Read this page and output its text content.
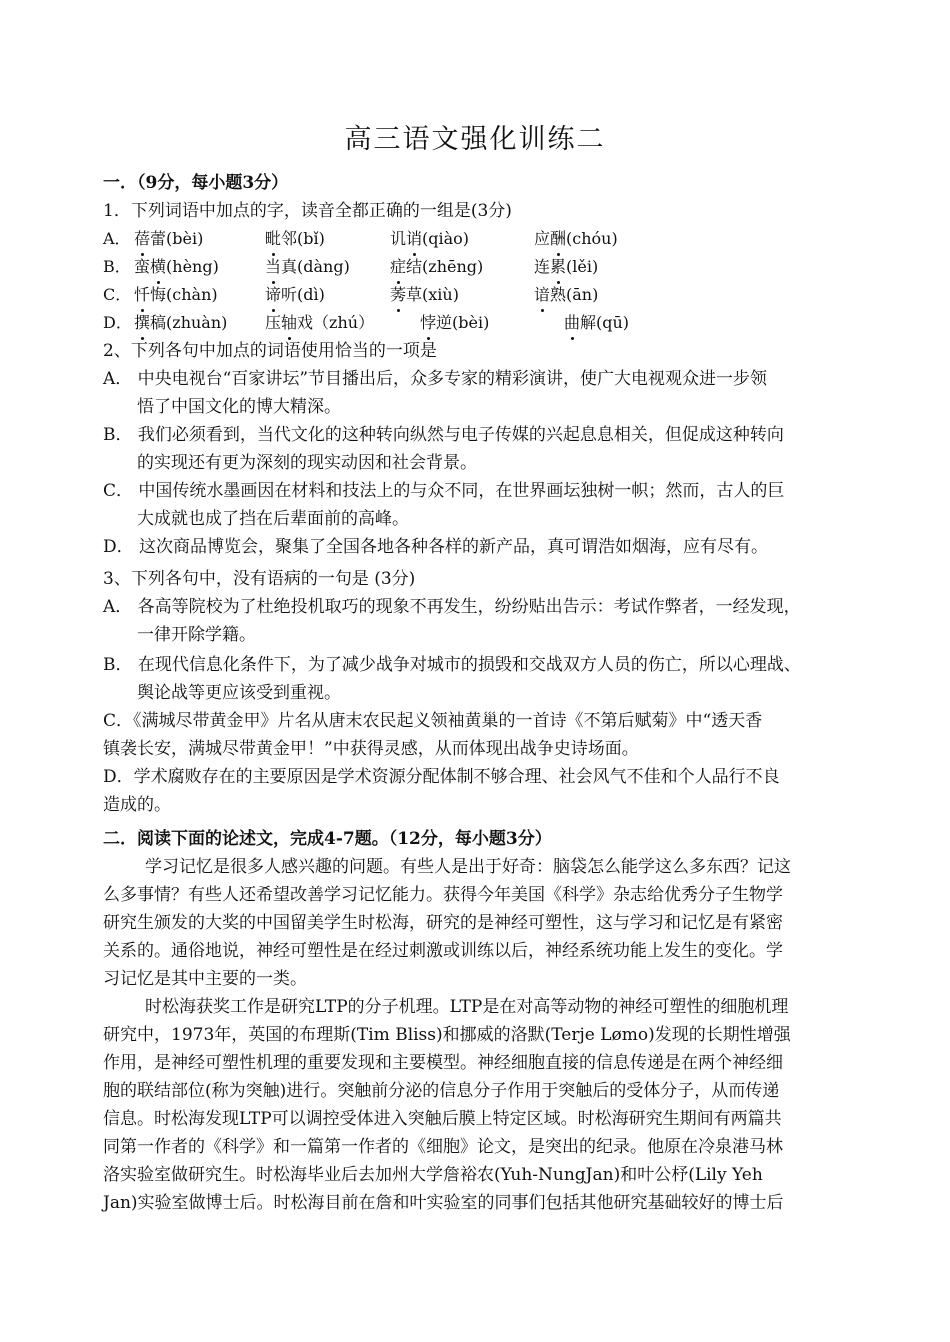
高三语文强化训练二
一．（9分，每小题3分）
1．下列词语中加点的字，读音全都正确的一组是(3分)
A． 蓓蕾(bèi)	毗邻(bǐ)	讥诮(qiào)	应酬(chóu)
B． 蛮横(hèng)	当真(dàng)	症结(zhēng)	连累(lěi)
C． 忏悔(chàn)	谛听(dì)	莠草(xiù)	谙熟(ān)
D． 撰稿(zhuàn) 压轴戏（zhú）	悖逆(bèi)	曲解(qū)
2、下列各句中加点的词语使用恰当的一项是
A． 中央电视台“百家讲坛”节目播出后，众多专家的精彩演讲，使广大电视观众进一步领
悟了中国文化的博大精深。
B． 我们必须看到，当代文化的这种转向纵然与电子传媒的兴起息息相关，但促成这种转向
的实现还有更为深刻的现实动因和社会背景。
C． 中国传统水墨画因在材料和技法上的与众不同，在世界画坛独树一帜；然而，古人的巨
大成就也成了挡在后辈面前的高峰。
D． 这次商品博览会，聚集了全国各地各种各样的新产品，真可谓浩如烟海，应有尽有。
3、下列各句中，没有语病的一句是 (3分)
A． 各高等院校为了杜绝投机取巧的现象不再发生，纷纷贴出告示：考试作弊者，一经发现，
一律开除学籍。
B． 在现代信息化条件下，为了减少战争对城市的损毁和交战双方人员的伤亡，所以心理战、
舆论战等更应该受到重视。
C．《满城尽带黄金甲》片名从唐末农民起义领袖黄巢的一首诗《不第后赋菊》中“透天香
镇袭长安，满城尽带黄金甲！”中获得灵感，从而体现出战争史诗场面。
D．学术腐败存在的主要原因是学术资源分配体制不够合理、社会风气不佳和个人品行不良
造成的。
二．阅读下面的论述文，完成4-7题。（12分，每小题3分）
学习记忆是很多人感兴趣的问题。有些人是出于好奇：脑袋怎么能学这么多东西？记这
么多事情？有些人还希望改善学习记忆能力。获得今年美国《科学》杂志给优秀分子生物学
研究生颁发的大奖的中国留美学生时松海，研究的是神经可塑性，这与学习和记忆是有紧密
关系的。通俗地说，神经可塑性是在经过刺激或训练以后，神经系统功能上发生的变化。学
习记忆是其中主要的一类。
时松海获奖工作是研究LTP的分子机理。LTP是在对高等动物的神经可塑性的细胞机理
研究中，1973年，英国的布理斯(Tim Bliss)和挪威的洛默(Terje Lømo)发现的长期性增强
作用，是神经可塑性机理的重要发现和主要模型。神经细胞直接的信息传递是在两个神经细
胞的联结部位(称为突触)进行。突触前分泌的信息分子作用于突触后的受体分子，从而传递
信息。时松海发现LTP可以调控受体进入突触后膜上特定区域。时松海研究生期间有两篇共
同第一作者的《科学》和一篇第一作者的《细胞》论文，是突出的纪录。他原在冷泉港马林
洛实验室做研究生。时松海毕业后去加州大学詹裕农(Yuh-NungJan)和叶公杼(Lily Yeh
Jan)实验室做博士后。时松海目前在詹和叶实验室的同事们包括其他研究基础较好的博士后
